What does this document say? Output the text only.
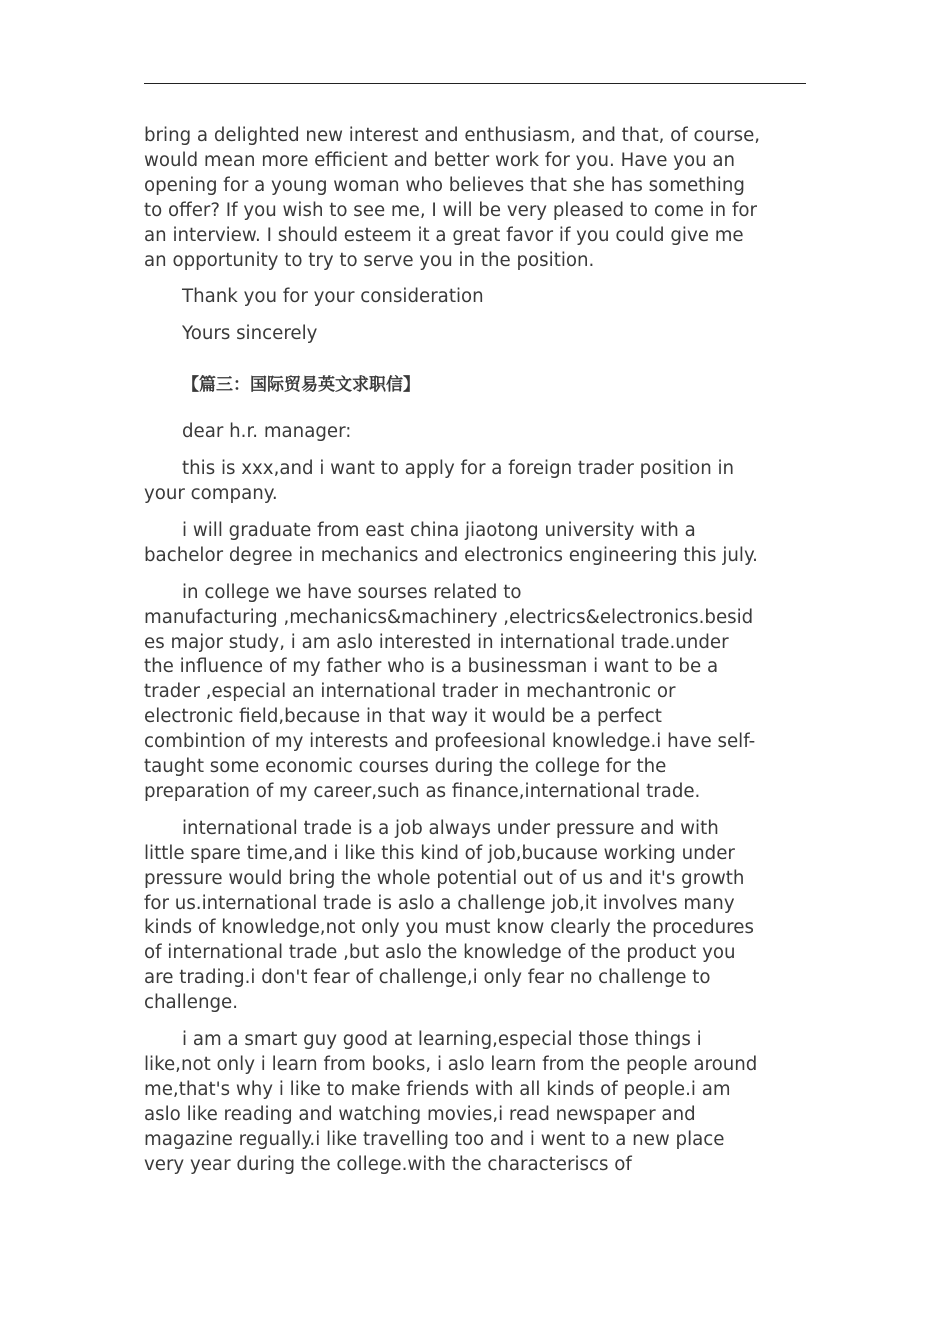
bring a delighted new interest and enthusiasm, and that, of course,
would mean more efficient and better work for you. Have you an
opening for a young woman who believes that she has something
to offer? If you wish to see me, I will be very pleased to come in for
an interview. I should esteem it a great favor if you could give me
an opportunity to try to serve you in the position.

Thank you for your consideration

Yours sincerely

【篇三：国际贸易英文求职信】

dear h.r. manager:

this is xxx,and i want to apply for a foreign trader position in
your company.

i will graduate from east china jiaotong university with a
bachelor degree in mechanics and electronics engineering this july.

in college we have sourses related to
manufacturing ,mechanics&machinery ,electrics&electronics.besid
es major study, i am aslo interested in international trade.under
the influence of my father who is a businessman i want to be a
trader ,especial an international trader in mechantronic or
electronic field,because in that way it would be a perfect
combintion of my interests and profeesional knowledge.i have self-
taught some economic courses during the college for the
preparation of my career,such as finance,international trade.

international trade is a job always under pressure and with
little spare time,and i like this kind of job,bucause working under
pressure would bring the whole potential out of us and it's growth
for us.international trade is aslo a challenge job,it involves many
kinds of knowledge,not only you must know clearly the procedures
of international trade ,but aslo the knowledge of the product you
are trading.i don't fear of challenge,i only fear no challenge to
challenge.

i am a smart guy good at learning,especial those things i
like,not only i learn from books, i aslo learn from the people around
me,that's why i like to make friends with all kinds of people.i am
aslo like reading and watching movies,i read newspaper and
magazine regually.i like travelling too and i went to a new place
very year during the college.with the characteriscs of
